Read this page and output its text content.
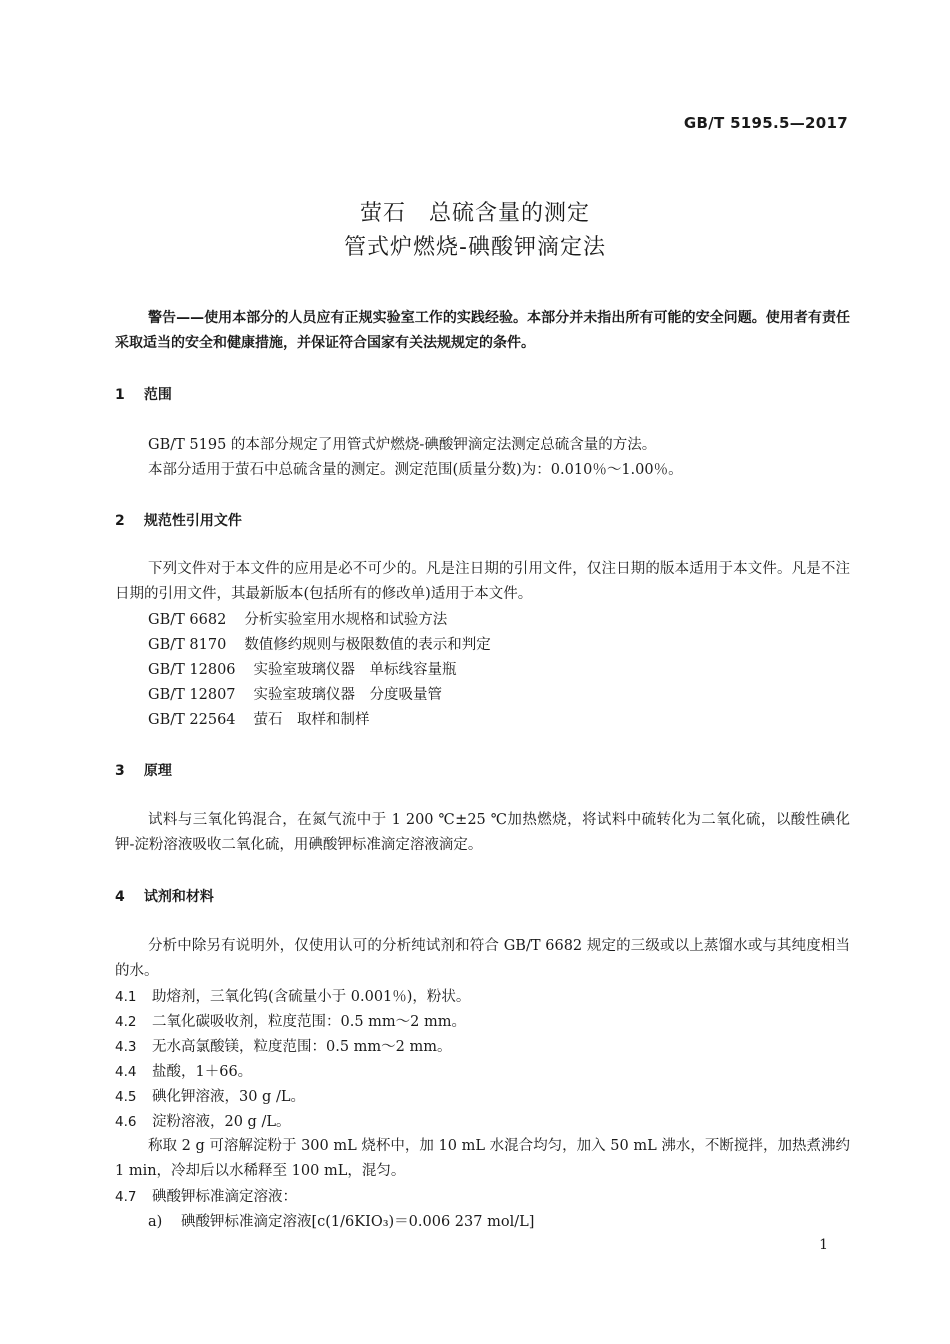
GB/T 5195.5—2017
萤石　总硫含量的测定
管式炉燃烧-碘酸钾滴定法
警告——使用本部分的人员应有正规实验室工作的实践经验。本部分并未指出所有可能的安全问题。使用者有责任采取适当的安全和健康措施，并保证符合国家有关法规规定的条件。
1 范围
GB/T 5195 的本部分规定了用管式炉燃烧-碘酸钾滴定法测定总硫含量的方法。
本部分适用于萤石中总硫含量的测定。测定范围(质量分数)为：0.010％～1.00％。
2 规范性引用文件
下列文件对于本文件的应用是必不可少的。凡是注日期的引用文件，仅注日期的版本适用于本文件。凡是不注日期的引用文件，其最新版本(包括所有的修改单)适用于本文件。
GB/T 6682 分析实验室用水规格和试验方法
GB/T 8170 数值修约规则与极限数值的表示和判定
GB/T 12806 实验室玻璃仪器　单标线容量瓶
GB/T 12807 实验室玻璃仪器　分度吸量管
GB/T 22564 萤石　取样和制样
3 原理
试料与三氧化钨混合，在氮气流中于 1 200 ℃±25 ℃加热燃烧，将试料中硫转化为二氧化硫，以酸性碘化钾-淀粉溶液吸收二氧化硫，用碘酸钾标准滴定溶液滴定。
4 试剂和材料
分析中除另有说明外，仅使用认可的分析纯试剂和符合 GB/T 6682 规定的三级或以上蒸馏水或与其纯度相当的水。
4.1 助熔剂，三氧化钨(含硫量小于 0.001％)，粉状。
4.2 二氧化碳吸收剂，粒度范围：0.5 mm～2 mm。
4.3 无水高氯酸镁，粒度范围：0.5 mm～2 mm。
4.4 盐酸，1＋66。
4.5 碘化钾溶液，30 g /L。
4.6 淀粉溶液，20 g /L。
称取 2 g 可溶解淀粉于 300 mL 烧杯中，加 10 mL 水混合均匀，加入 50 mL 沸水，不断搅拌，加热煮沸约 1 min，冷却后以水稀释至 100 mL，混匀。
4.7 碘酸钾标准滴定溶液：
a) 碘酸钾标准滴定溶液[c(1/6KIO₃)＝0.006 237 mol/L]
1
